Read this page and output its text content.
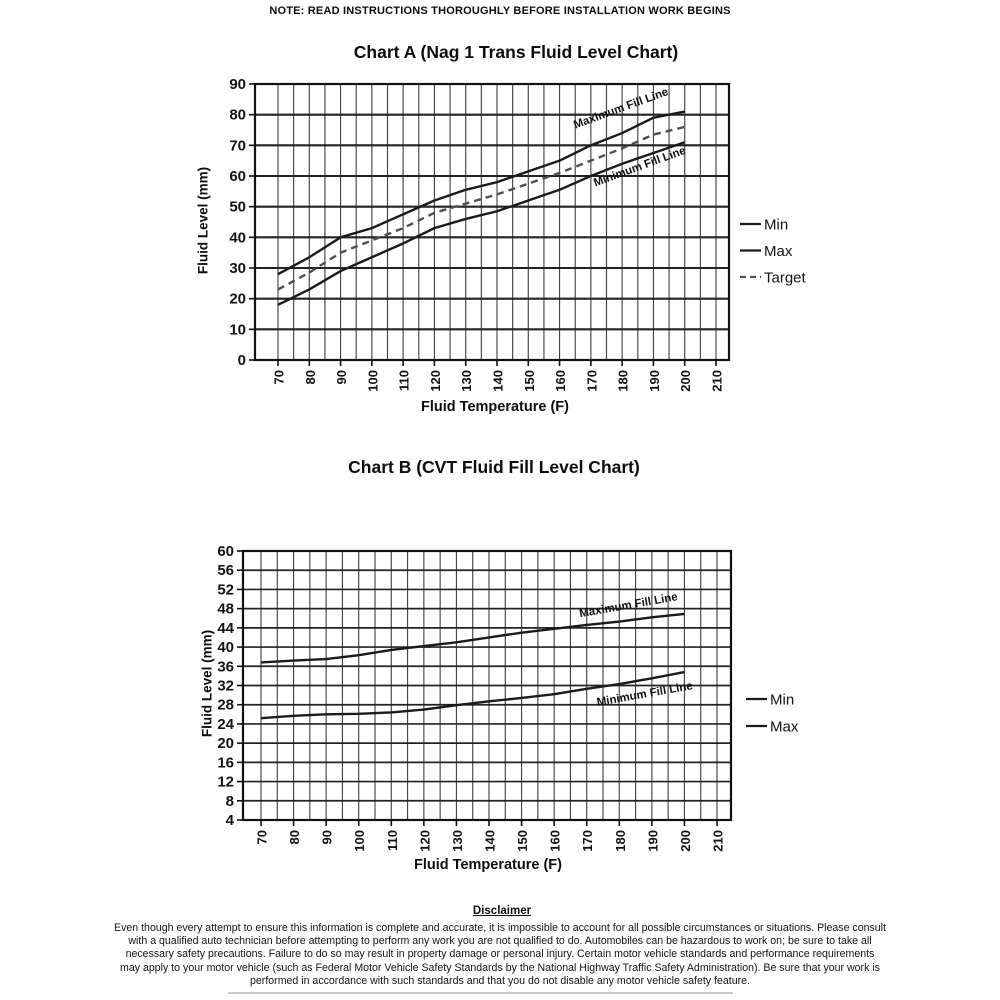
NOTE: READ INSTRUCTIONS THOROUGHLY BEFORE INSTALLATION WORK BEGINS
Chart A (Nag 1 Trans Fluid Level Chart)
Chart B (CVT Fluid Fill Level Chart)
70 80 90 100 110 120 130 140 150 160 170 180 190 200 210
0
10
20
30
40
50
60
70
80
90
Maximum Fill Line
Minimum Fill Line
Min
Max
Target
70 80 90 100 110 120 130 140 150 160 170 180 190 200 210
4
8
12
16
20
24
28
32
36
40
44
48
52
56
60
Maximum Fill Line
Minimum Fill Line	Min
Max
Fluid Level (mm)
Fluid Temperature (F)
Fluid Level (mm)
Fluid Temperature (F)
Disclaimer
Even though every attempt to ensure this information is complete and accurate, it is impossible to account for all possible circumstances or situations. Please consult
with a qualified auto technician before attempting to perform any work you are not qualified to do. Automobiles can be hazardous to work on; be sure to take all
necessary safety precautions. Failure to do so may result in property damage or personal injury. Certain motor vehicle standards and performance requirements
may apply to your motor vehicle (such as Federal Motor Vehicle Safety Standards by the National Highway Traffic Safety Administration). Be sure that your work is
performed in accordance with such standards and that you do not disable any motor vehicle safety feature.
